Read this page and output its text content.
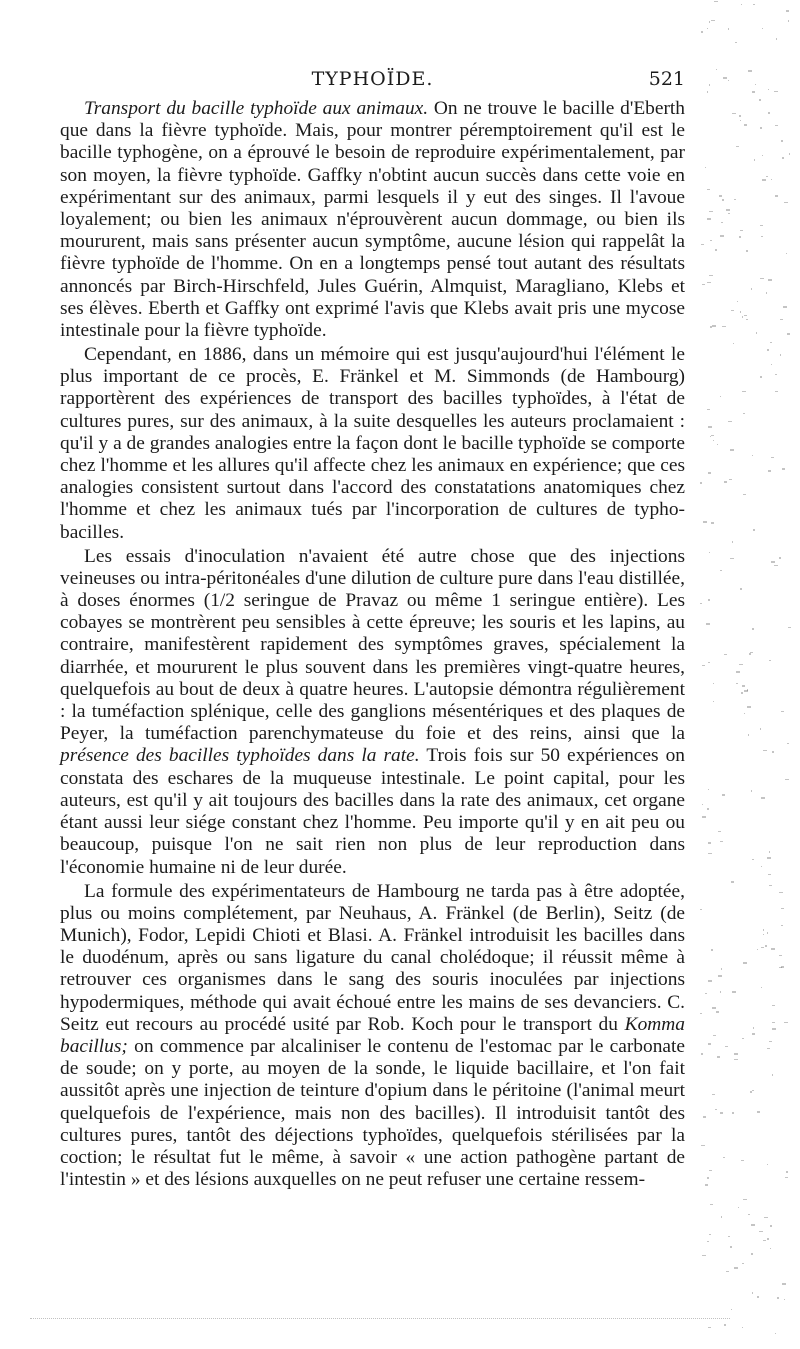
TYPHOÏDE.	521

Transport du bacille typhoïde aux animaux. On ne trouve le bacille d'Eberth que dans la fièvre typhoïde. Mais, pour montrer péremptoirement qu'il est le bacille typhogène, on a éprouvé le besoin de reproduire expérimentalement, par son moyen, la fièvre typhoïde. Gaffky n'obtint aucun succès dans cette voie en expérimentant sur des animaux, parmi lesquels il y eut des singes. Il l'avoue loyalement; ou bien les animaux n'éprouvèrent aucun dommage, ou bien ils moururent, mais sans présenter aucun symptôme, aucune lésion qui rappelât la fièvre typhoïde de l'homme. On en a longtemps pensé tout autant des résultats annoncés par Birch-Hirschfeld, Jules Guérin, Almquist, Maragliano, Klebs et ses élèves. Eberth et Gaffky ont exprimé l'avis que Klebs avait pris une mycose intestinale pour la fièvre typhoïde.

Cependant, en 1886, dans un mémoire qui est jusqu'aujourd'hui l'élément le plus important de ce procès, E. Fränkel et M. Simmonds (de Hambourg) rapportèrent des expériences de transport des bacilles typhoïdes, à l'état de cultures pures, sur des animaux, à la suite desquelles les auteurs proclamaient : qu'il y a de grandes analogies entre la façon dont le bacille typhoïde se comporte chez l'homme et les allures qu'il affecte chez les animaux en expérience; que ces analogies consistent surtout dans l'accord des constatations anatomiques chez l'homme et chez les animaux tués par l'incorporation de cultures de typho-bacilles.

Les essais d'inoculation n'avaient été autre chose que des injections veineuses ou intra-péritonéales d'une dilution de culture pure dans l'eau distillée, à doses énormes (1/2 seringue de Pravaz ou même 1 seringue entière). Les cobayes se montrèrent peu sensibles à cette épreuve; les souris et les lapins, au contraire, manifestèrent rapidement des symptômes graves, spécialement la diarrhée, et moururent le plus souvent dans les premières vingt-quatre heures, quelquefois au bout de deux à quatre heures. L'autopsie démontra régulièrement : la tuméfaction splénique, celle des ganglions mésentériques et des plaques de Peyer, la tuméfaction parenchymateuse du foie et des reins, ainsi que la présence des bacilles typhoïdes dans la rate. Trois fois sur 50 expériences on constata des eschares de la muqueuse intestinale. Le point capital, pour les auteurs, est qu'il y ait toujours des bacilles dans la rate des animaux, cet organe étant aussi leur siége constant chez l'homme. Peu importe qu'il y en ait peu ou beaucoup, puisque l'on ne sait rien non plus de leur reproduction dans l'économie humaine ni de leur durée.

La formule des expérimentateurs de Hambourg ne tarda pas à être adoptée, plus ou moins complétement, par Neuhaus, A. Fränkel (de Berlin), Seitz (de Munich), Fodor, Lepidi Chioti et Blasi. A. Fränkel introduisit les bacilles dans le duodénum, après ou sans ligature du canal cholédoque; il réussit même à retrouver ces organismes dans le sang des souris inoculées par injections hypodermiques, méthode qui avait échoué entre les mains de ses devanciers. C. Seitz eut recours au procédé usité par Rob. Koch pour le transport du Komma bacillus; on commence par alcaliniser le contenu de l'estomac par le carbonate de soude; on y porte, au moyen de la sonde, le liquide bacillaire, et l'on fait aussitôt après une injection de teinture d'opium dans le péritoine (l'animal meurt quelquefois de l'expérience, mais non des bacilles). Il introduisit tantôt des cultures pures, tantôt des déjections typhoïdes, quelquefois stérilisées par la coction; le résultat fut le même, à savoir « une action pathogène partant de l'intestin » et des lésions auxquelles on ne peut refuser une certaine ressem-
